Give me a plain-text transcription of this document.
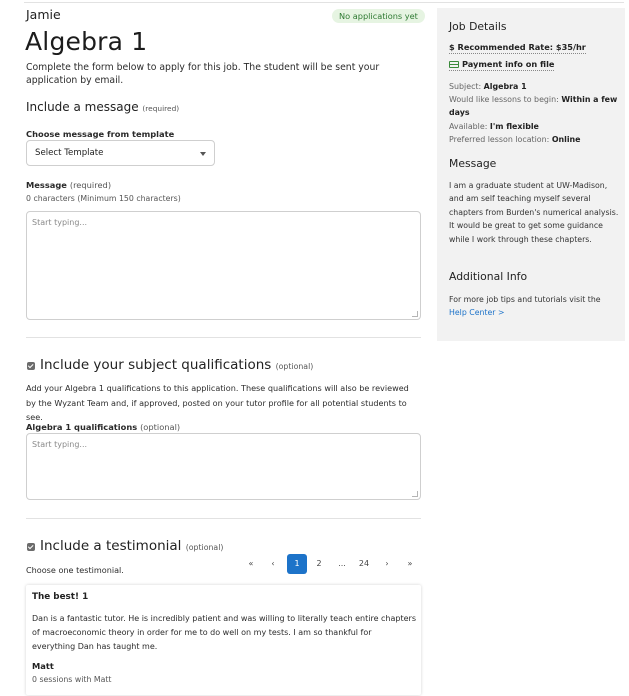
Jamie	No applications yet
Algebra 1
Complete the form below to apply for this job. The student will be sent your application by email.
Include a message (required)
Choose message from template
Select Template
Message (required)
0 characters (Minimum 150 characters)
Start typing...
Include your subject qualifications (optional)
Add your Algebra 1 qualifications to this application. These qualifications will also be reviewed by the Wyzant Team and, if approved, posted on your tutor profile for all potential students to see.
Algebra 1 qualifications (optional)
Start typing...
Include a testimonial (optional)
Choose one testimonial.
«	‹	1	2	...	24	›	»
The best! 1
Dan is a fantastic tutor. He is incredibly patient and was willing to literally teach entire chapters of macroeconomic theory in order for me to do well on my tests. I am so thankful for everything Dan has taught me.
Matt
0 sessions with Matt
Job Details
$ Recommended Rate: $35/hr
Payment info on file
Subject: Algebra 1
Would like lessons to begin: Within a few days
Available: I'm flexible
Preferred lesson location: Online
Message
I am a graduate student at UW-Madison, and am self teaching myself several chapters from Burden's numerical analysis. It would be great to get some guidance while I work through these chapters.
Additional Info
For more job tips and tutorials visit the
Help Center >
